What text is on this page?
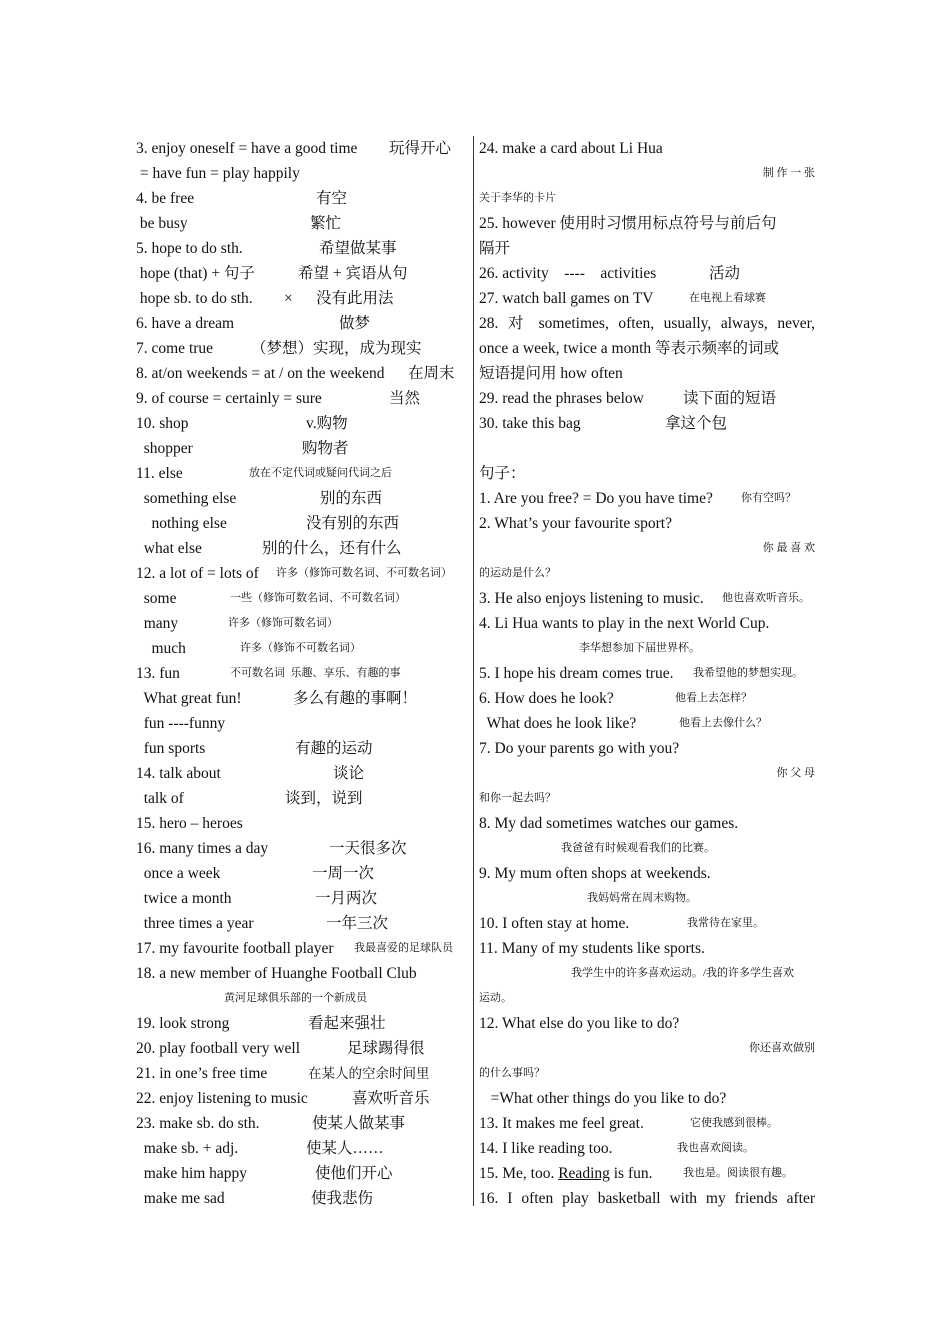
3. enjoy oneself = have a good time 玩得开心
= have fun = play happily
4. be free	有空
be busy	繁忙
5. hope to do sth.	希望做某事
hope (that) + 句子	希望 + 宾语从句
hope sb. to do sth. ×      没有此用法
6. have a dream	做梦
7. come true （梦想）实现，成为现实
8. at/on weekends = at / on the weekend 在周末
9. of course = certainly = sure	当然
10. shop	v.购物
shopper	购物者
11. else	放在不定代词或疑问代词之后
something else	别的东西
nothing else	没有别的东西
what else	别的什么，还有什么
12. a lot of = lots of 许多（修饰可数名词、不可数名词）
some	一些（修饰可数名词、不可数名词）
many	许多（修饰可数名词）
much	许多（修饰不可数名词）
13. fun	不可数名词  乐趣、享乐、有趣的事
What great fun!	多么有趣的事啊！
fun ----funny
fun sports	有趣的运动
14. talk about	谈论
talk of	谈到，说到
15. hero – heroes
16. many times a day	一天很多次
once a week	一周一次
twice a month	一月两次
three times a year	一年三次
17. my favourite football player 我最喜爱的足球队员
18. a new member of Huanghe Football Club
黄河足球俱乐部的一个新成员
19. look strong	看起来强壮
20. play football very well	足球踢得很
21. in one’s free time	在某人的空余时间里
22. enjoy listening to music	喜欢听音乐
23. make sb. do sth.	使某人做某事
make sb. + adj.	使某人……
make him happy	使他们开心
make me sad	使我悲伤
24. make a card about Li Hua
制 作 一 张
关于李华的卡片
25. however 使用时习惯用标点符号与前后句
隔开
26. activity    ----    activities	活动
27. watch ball games on TV	在电视上看球赛
28. 对 sometimes, often, usually, always, never,
once a week, twice a month 等表示频率的词或
短语提问用 how often
29. read the phrases below	读下面的短语
30. take this bag	拿这个包
句子：
1. Are you free? = Do you have time?	你有空吗？
2. What’s your favourite sport?
你 最 喜 欢
的运动是什么？
3. He also enjoys listening to music. 他也喜欢听音乐。
4. Li Hua wants to play in the next World Cup.
李华想参加下届世界杯。
5. I hope his dream comes true. 我希望他的梦想实现。
6. How does he look?	他看上去怎样？
What does he look like?	他看上去像什么？
7. Do your parents go with you?
你 父 母
和你一起去吗？
8. My dad sometimes watches our games.
我爸爸有时候观看我们的比赛。
9. My mum often shops at weekends.
我妈妈常在周末购物。
10. I often stay at home.	我常待在家里。
11. Many of my students like sports.
我学生中的许多喜欢运动。/我的许多学生喜欢
运动。
12. What else do you like to do?
你还喜欢做别
的什么事吗？
=What other things do you like to do?
13. It makes me feel great.	它使我感到很棒。
14. I like reading too.	我也喜欢阅读。
15. Me, too. Reading is fun.	我也是。阅读很有趣。
16. I often play basketball with my friends after
